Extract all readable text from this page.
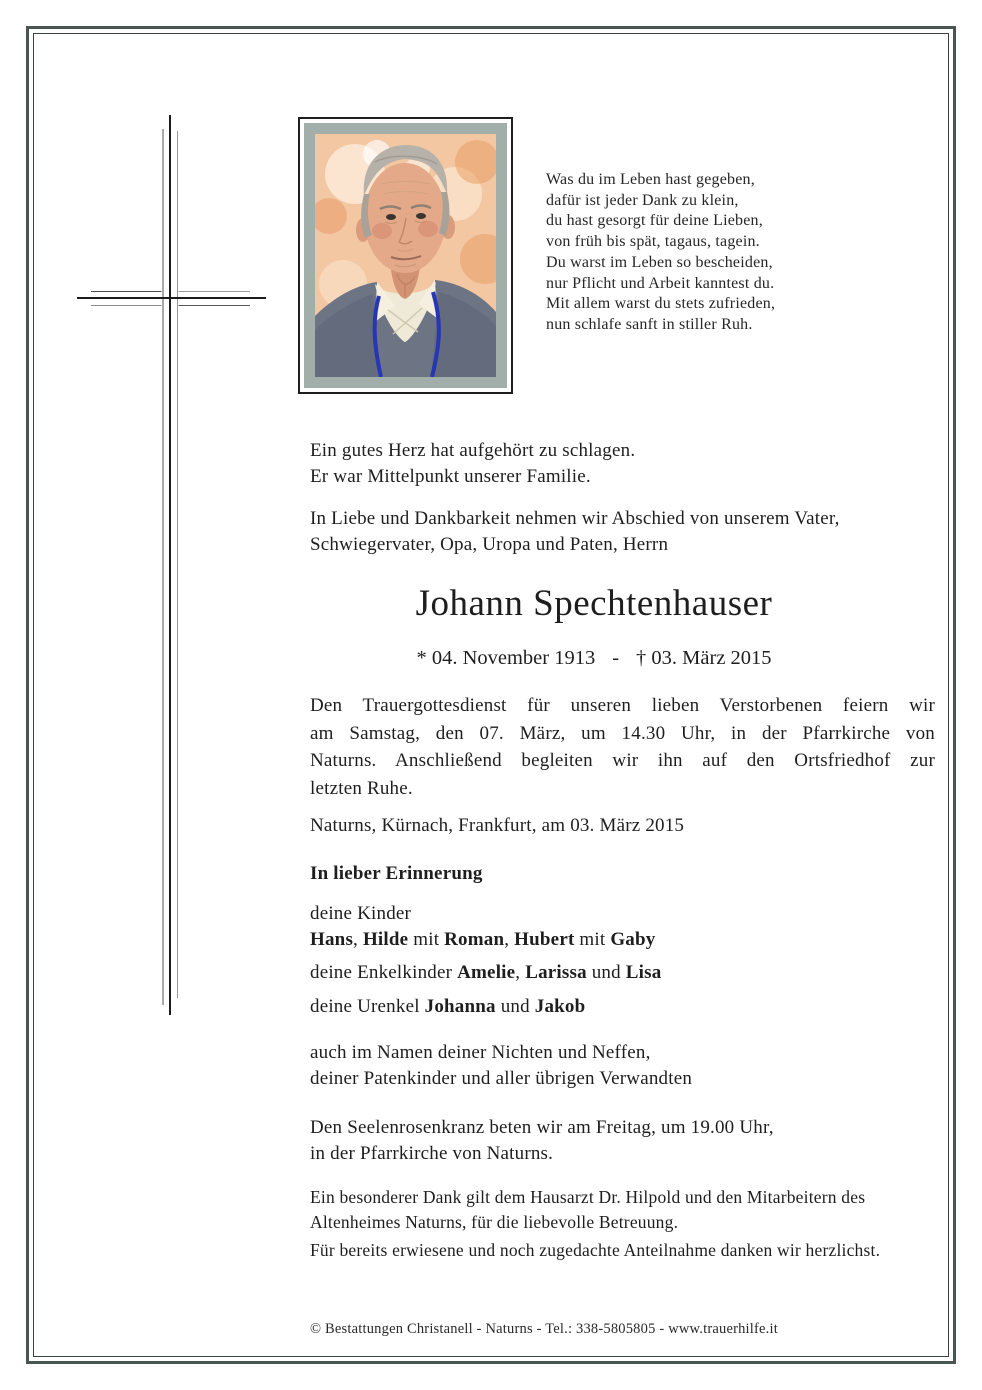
Was du im Leben hast gegeben,
dafür ist jeder Dank zu klein,
du hast gesorgt für deine Lieben,
von früh bis spät, tagaus, tagein.
Du warst im Leben so bescheiden,
nur Pflicht und Arbeit kanntest du.
Mit allem warst du stets zufrieden,
nun schlafe sanft in stiller Ruh.
Ein gutes Herz hat aufgehört zu schlagen.
Er war Mittelpunkt unserer Familie.
In Liebe und Dankbarkeit nehmen wir Abschied von unserem Vater,
Schwiegervater, Opa, Uropa und Paten, Herrn
Johann Spechtenhauser
* 04. November 1913 - † 03. März 2015
Den Trauergottesdienst für unseren lieben Verstorbenen feiern wir
am Samstag, den 07. März, um 14.30 Uhr, in der Pfarrkirche von
Naturns. Anschließend begleiten wir ihn auf den Ortsfriedhof zur
letzten Ruhe.
Naturns, Kürnach, Frankfurt, am 03. März 2015
In lieber Erinnerung
deine Kinder
Hans, Hilde mit Roman, Hubert mit Gaby
deine Enkelkinder Amelie, Larissa und Lisa
deine Urenkel Johanna und Jakob
auch im Namen deiner Nichten und Neffen,
deiner Patenkinder und aller übrigen Verwandten
Den Seelenrosenkranz beten wir am Freitag, um 19.00 Uhr,
in der Pfarrkirche von Naturns.
Ein besonderer Dank gilt dem Hausarzt Dr. Hilpold und den Mitarbeitern des
Altenheimes Naturns, für die liebevolle Betreuung.
Für bereits erwiesene und noch zugedachte Anteilnahme danken wir herzlichst.
© Bestattungen Christanell - Naturns - Tel.: 338-5805805 - www.trauerhilfe.it
